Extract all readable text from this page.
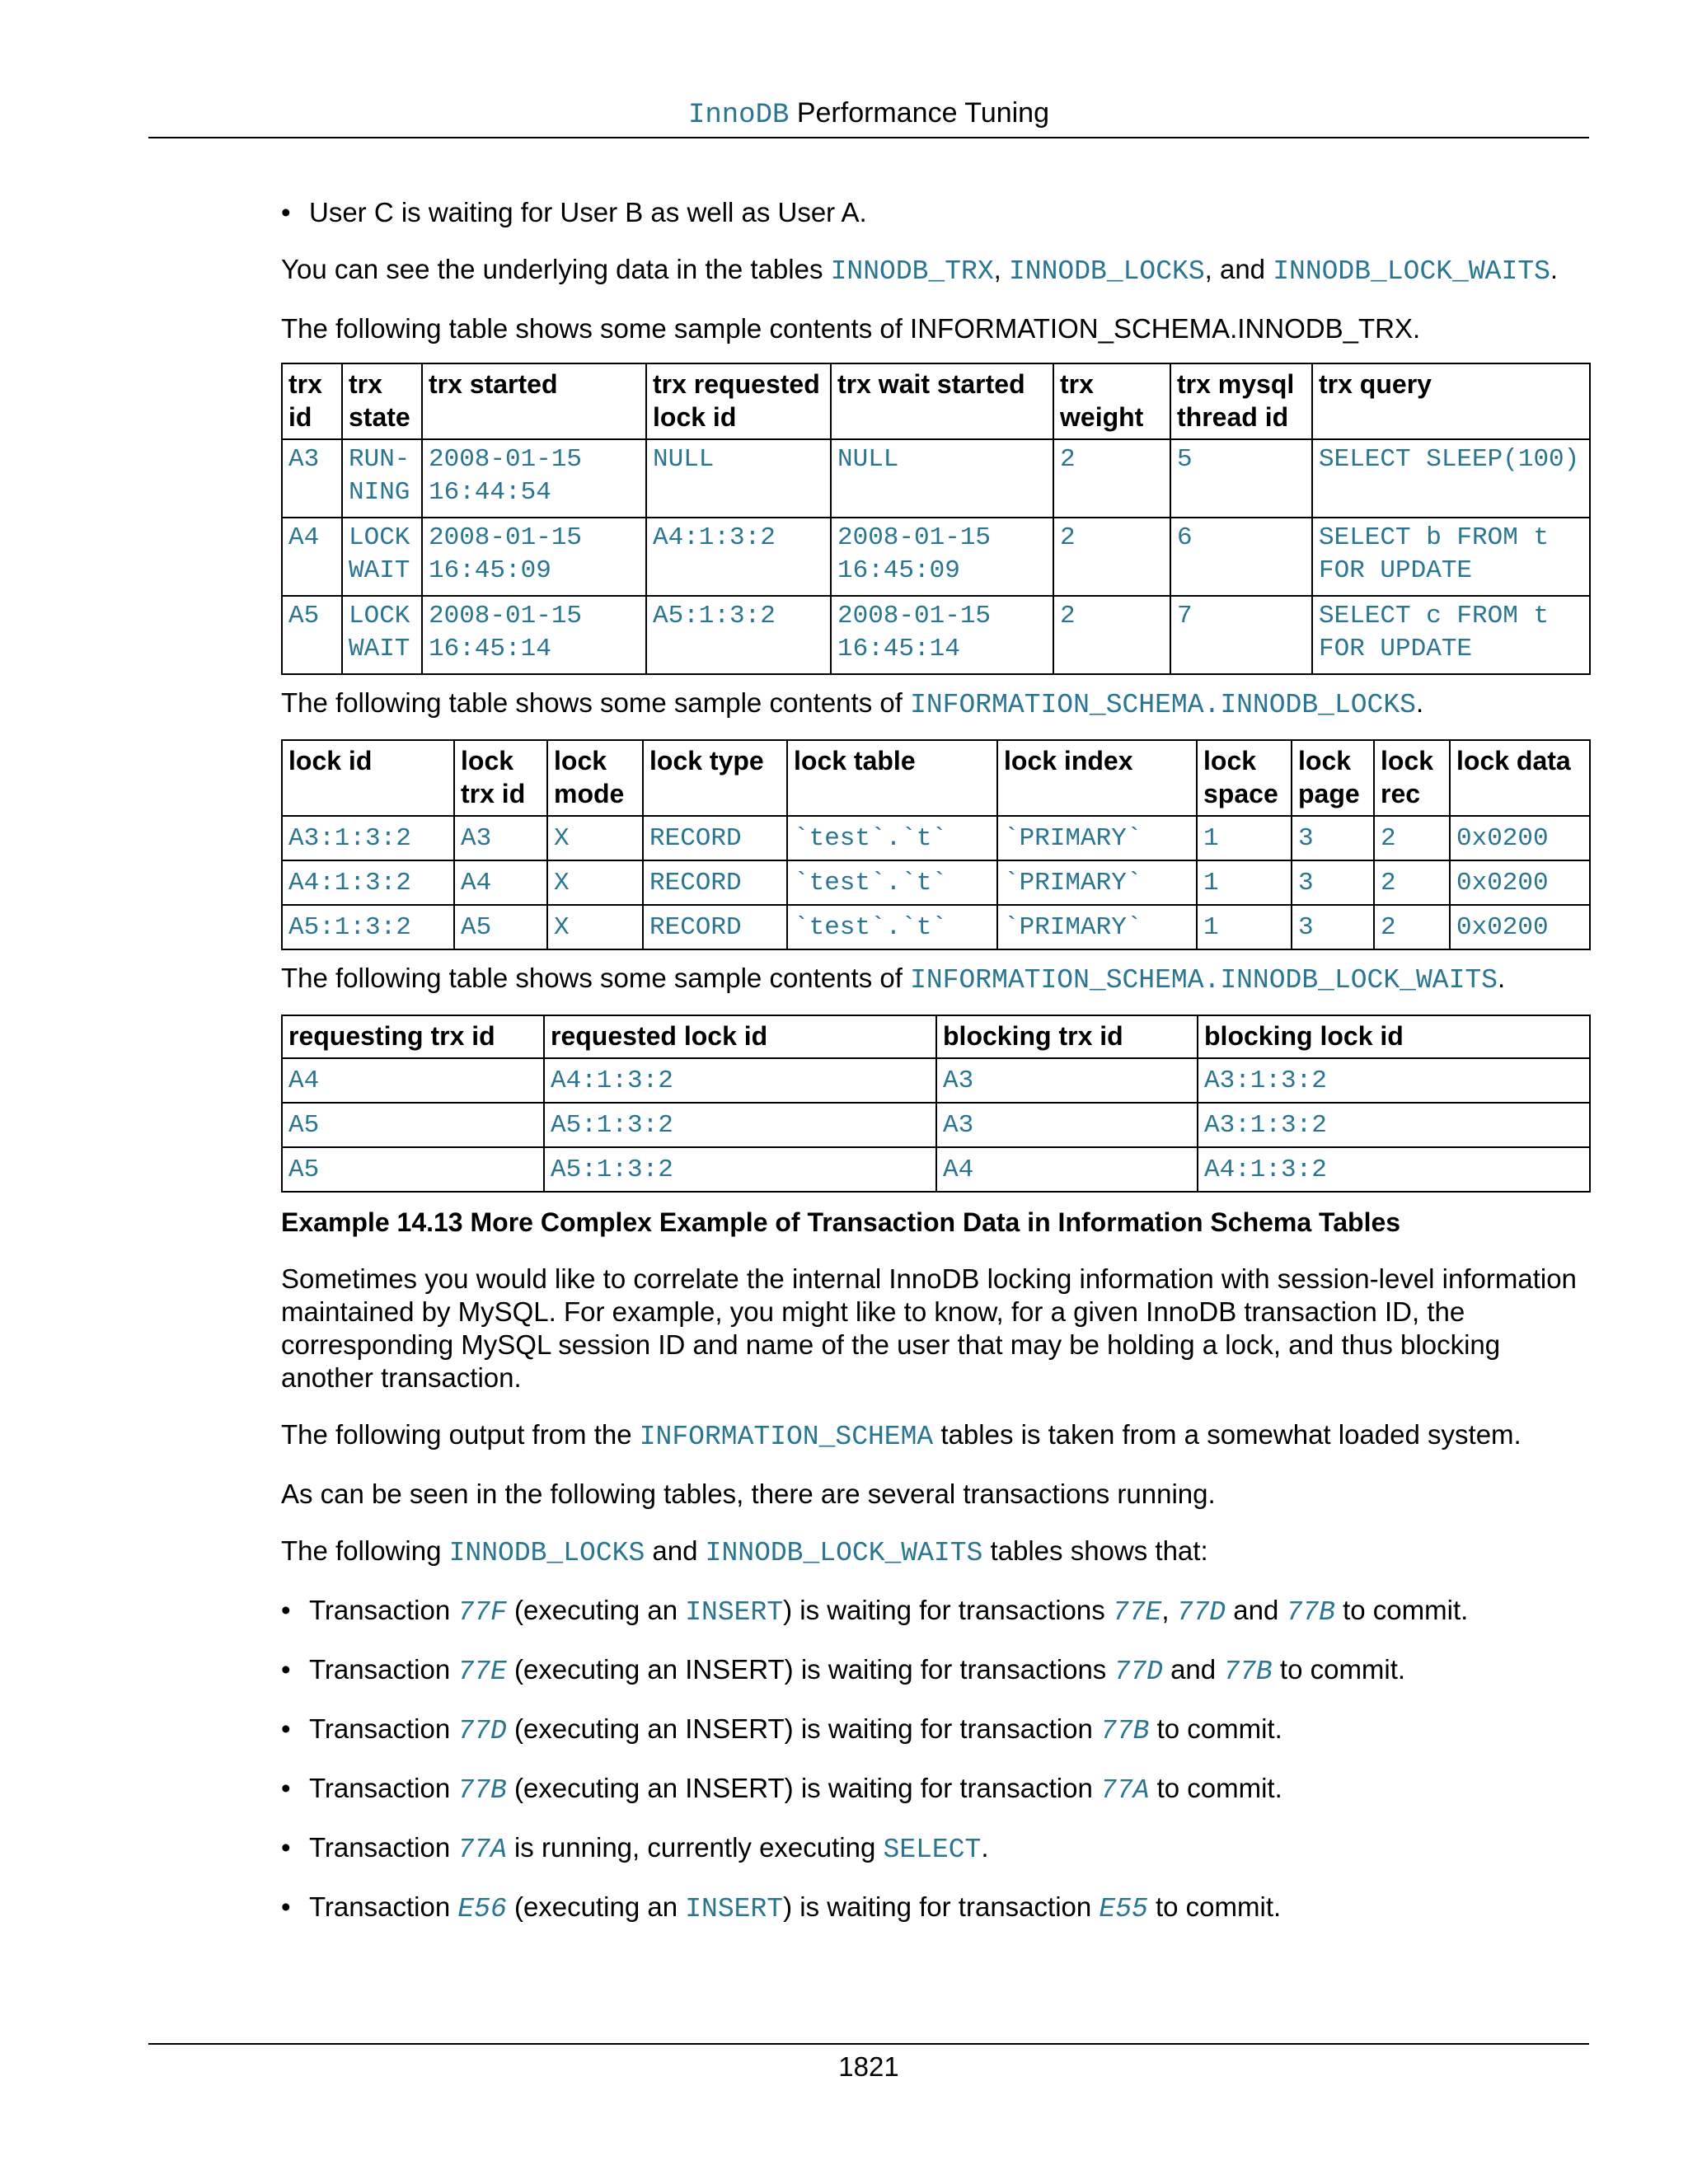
InnoDB Performance Tuning
• User C is waiting for User B as well as User A.

You can see the underlying data in the tables INNODB_TRX, INNODB_LOCKS, and INNODB_LOCK_WAITS.

The following table shows some sample contents of INFORMATION_SCHEMA.INNODB_TRX.

trx id	trx state	trx started	trx requested lock id	trx wait started	trx weight	trx mysql thread id	trx query
A3	RUN-NING	2008-01-15 16:44:54	NULL	NULL	2	5	SELECT SLEEP(100)
A4	LOCK WAIT	2008-01-15 16:45:09	A4:1:3:2	2008-01-15 16:45:09	2	6	SELECT b FROM t FOR UPDATE
A5	LOCK WAIT	2008-01-15 16:45:14	A5:1:3:2	2008-01-15 16:45:14	2	7	SELECT c FROM t FOR UPDATE

The following table shows some sample contents of INFORMATION_SCHEMA.INNODB_LOCKS.

lock id	lock trx id	lock mode	lock type	lock table	lock index	lock space	lock page	lock rec	lock data
A3:1:3:2	A3	X	RECORD	`test`.`t`	`PRIMARY`	1	3	2	0x0200
A4:1:3:2	A4	X	RECORD	`test`.`t`	`PRIMARY`	1	3	2	0x0200
A5:1:3:2	A5	X	RECORD	`test`.`t`	`PRIMARY`	1	3	2	0x0200

The following table shows some sample contents of INFORMATION_SCHEMA.INNODB_LOCK_WAITS.

requesting trx id	requested lock id	blocking trx id	blocking lock id
A4	A4:1:3:2	A3	A3:1:3:2
A5	A5:1:3:2	A3	A3:1:3:2
A5	A5:1:3:2	A4	A4:1:3:2
Example 14.13 More Complex Example of Transaction Data in Information Schema Tables

Sometimes you would like to correlate the internal InnoDB locking information with session-level information maintained by MySQL. For example, you might like to know, for a given InnoDB transaction ID, the corresponding MySQL session ID and name of the user that may be holding a lock, and thus blocking another transaction.

The following output from the INFORMATION_SCHEMA tables is taken from a somewhat loaded system.

As can be seen in the following tables, there are several transactions running.

The following INNODB_LOCKS and INNODB_LOCK_WAITS tables shows that:

• Transaction 77F (executing an INSERT) is waiting for transactions 77E, 77D and 77B to commit.
• Transaction 77E (executing an INSERT) is waiting for transactions 77D and 77B to commit.
• Transaction 77D (executing an INSERT) is waiting for transaction 77B to commit.
• Transaction 77B (executing an INSERT) is waiting for transaction 77A to commit.
• Transaction 77A is running, currently executing SELECT.
• Transaction E56 (executing an INSERT) is waiting for transaction E55 to commit.
1821
